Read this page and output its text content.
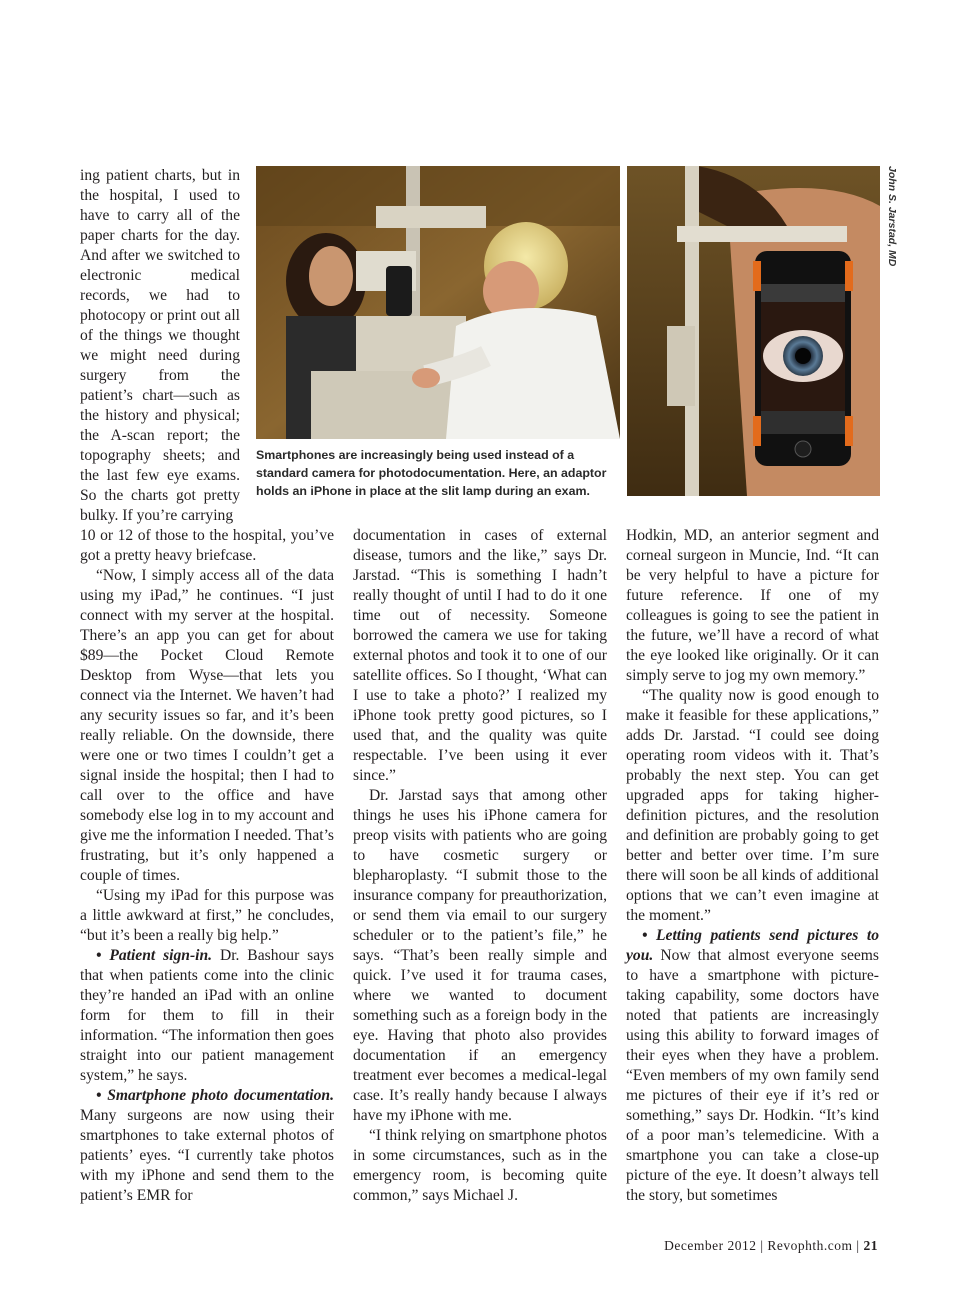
ing patient charts, but in the hospital, I used to have to carry all of the paper charts for the day. And after we switched to electronic medical records, we had to photocopy or print out all of the things we thought we might need during surgery from the patient’s chart—such as the history and physical; the A-scan report; the topography sheets; and the last few eye exams. So the charts got pretty bulky. If you’re carrying

Smartphones are increasingly being used instead of a standard camera for photodocumentation. Here, an adaptor holds an iPhone in place at the slit lamp during an exam.
John S. Jarstad, MD

10 or 12 of those to the hospital, you’ve got a pretty heavy briefcase.

“Now, I simply access all of the data using my iPad,” he continues. “I just connect with my server at the hospital. There’s an app you can get for about $89—the Pocket Cloud Remote Desktop from Wyse—that lets you connect via the Internet. We haven’t had any security issues so far, and it’s been really reliable. On the downside, there were one or two times I couldn’t get a signal inside the hospital; then I had to call over to the office and have somebody else log in to my account and give me the information I needed. That’s frustrating, but it’s only happened a couple of times.

“Using my iPad for this purpose was a little awkward at first,” he concludes, “but it’s been a really big help.”

• Patient sign-in. Dr. Bashour says that when patients come into the clinic they’re handed an iPad with an online form for them to fill in their information. “The information then goes straight into our patient management system,” he says.

• Smartphone photo documentation. Many surgeons are now using their smartphones to take external photos of patients’ eyes. “I currently take photos with my iPhone and send them to the patient’s EMR for

documentation in cases of external disease, tumors and the like,” says Dr. Jarstad. “This is something I hadn’t really thought of until I had to do it one time out of necessity. Someone borrowed the camera we use for taking external photos and took it to one of our satellite offices. So I thought, ‘What can I use to take a photo?’ I realized my iPhone took pretty good pictures, so I used that, and the quality was quite respectable. I’ve been using it ever since.”

Dr. Jarstad says that among other things he uses his iPhone camera for preop visits with patients who are going to have cosmetic surgery or blepharoplasty. “I submit those to the insurance company for preauthorization, or send them via email to our surgery scheduler or to the patient’s file,” he says. “That’s been really simple and quick. I’ve used it for trauma cases, where we wanted to document something such as a foreign body in the eye. Having that photo also provides documentation if an emergency treatment ever becomes a medical-legal case. It’s really handy because I always have my iPhone with me.

“I think relying on smartphone photos in some circumstances, such as in the emergency room, is becoming quite common,” says Michael J.

Hodkin, MD, an anterior segment and corneal surgeon in Muncie, Ind. “It can be very helpful to have a picture for future reference. If one of my colleagues is going to see the patient in the future, we’ll have a record of what the eye looked like originally. Or it can simply serve to jog my own memory.”

“The quality now is good enough to make it feasible for these applications,” adds Dr. Jarstad. “I could see doing operating room videos with it. That’s probably the next step. You can get upgraded apps for taking higher-definition pictures, and the resolution and definition are probably going to get better and better over time. I’m sure there will soon be all kinds of additional options that we can’t even imagine at the moment.”

• Letting patients send pictures to you. Now that almost everyone seems to have a smartphone with picture-taking capability, some doctors have noted that patients are increasingly using this ability to forward images of their eyes when they have a problem. “Even members of my own family send me pictures of their eye if it’s red or something,” says Dr. Hodkin. “It’s kind of a poor man’s telemedicine. With a smartphone you can take a close-up picture of the eye. It doesn’t always tell the story, but sometimes

December 2012 | Revophth.com | 21
